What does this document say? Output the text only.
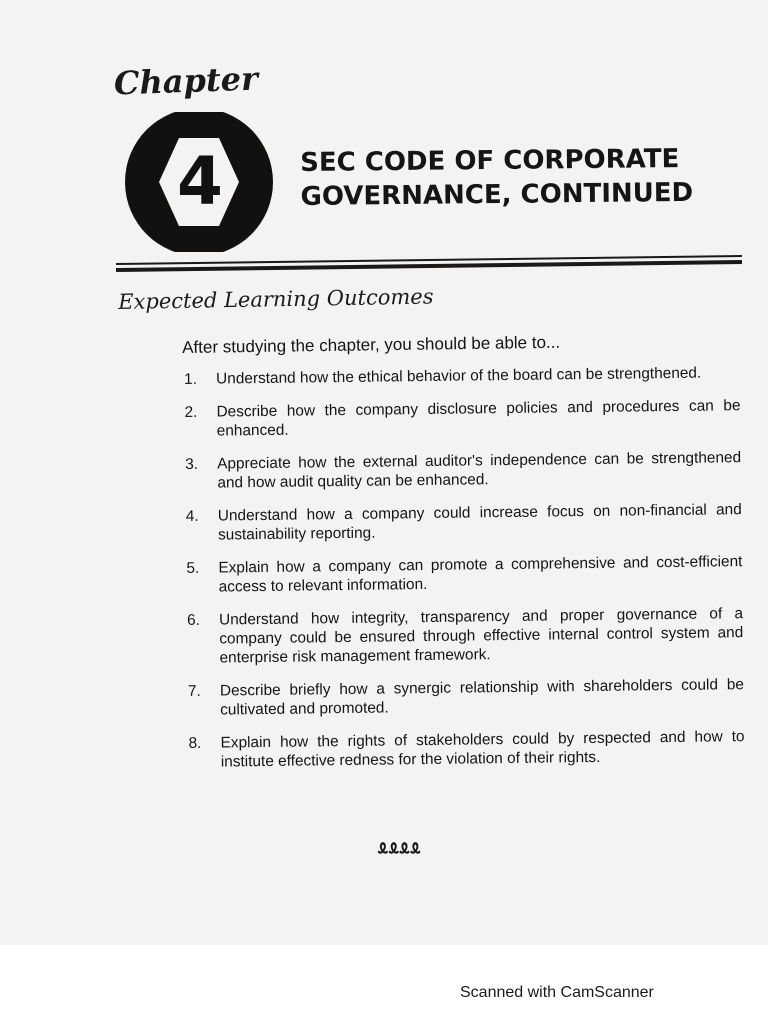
Chapter
4	SEC CODE OF CORPORATE
GOVERNANCE, CONTINUED
Expected Learning Outcomes
After studying the chapter, you should be able to...
1. Understand how the ethical behavior of the board can be strengthened.
2. Describe how the company disclosure policies and procedures can be enhanced.
3. Appreciate how the external auditor's independence can be strengthened and how audit quality can be enhanced.
4. Understand how a company could increase focus on non-financial and sustainability reporting.
5. Explain how a company can promote a comprehensive and cost-efficient access to relevant information.
6. Understand how integrity, transparency and proper governance of a company could be ensured through effective internal control system and enterprise risk management framework.
7. Describe briefly how a synergic relationship with shareholders could be cultivated and promoted.
8. Explain how the rights of stakeholders could by respected and how to institute effective redness for the violation of their rights.
ᦸᦸᦸᦸ
Scanned with CamScanner
